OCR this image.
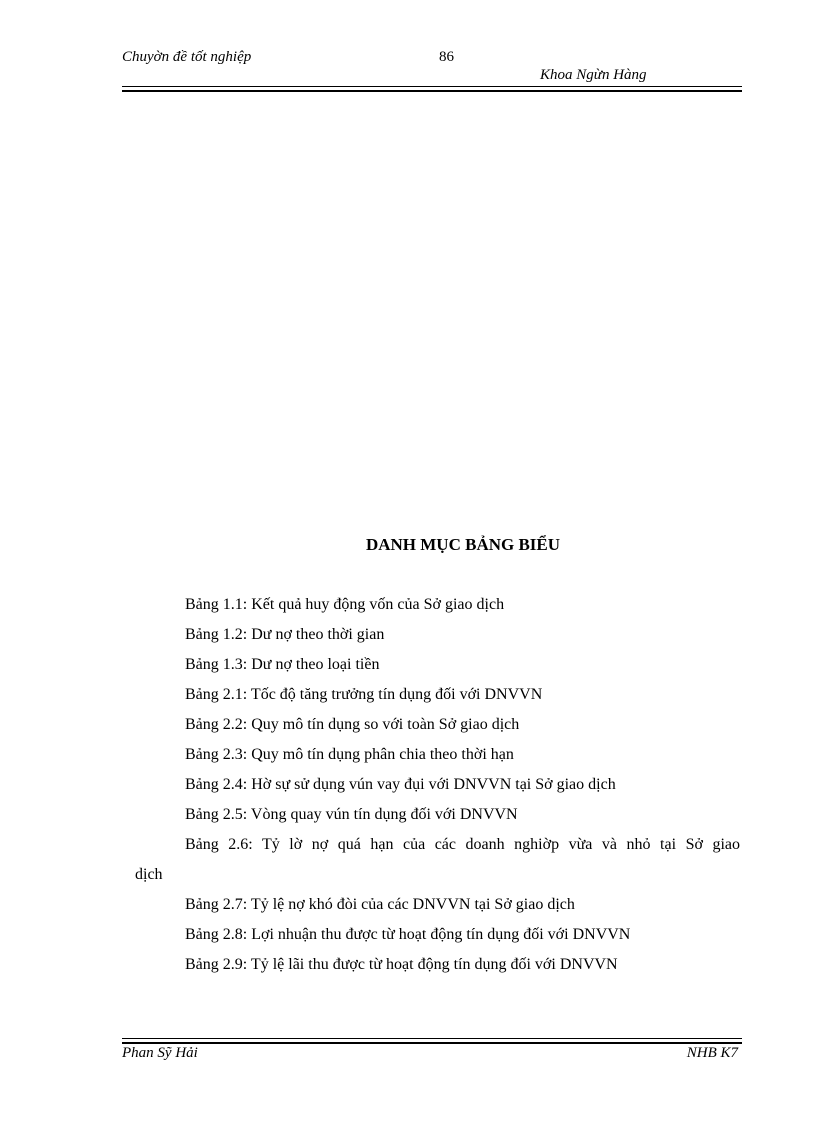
Chuyờn đề tốt nghiệp	86
Khoa Ngừn Hàng
DANH MỤC BẢNG BIỂU
Bảng 1.1: Kết quả huy động vốn của Sở giao dịch
Bảng 1.2: Dư nợ theo thời gian
Bảng 1.3: Dư nợ theo loại tiền
Bảng 2.1: Tốc độ tăng trưởng tín dụng đối với DNVVN
Bảng 2.2: Quy mô tín dụng so với toàn Sở giao dịch
Bảng 2.3: Quy mô tín dụng phân chia theo thời hạn
Bảng 2.4: Hờ sự sử dụng vún vay đụi với DNVVN tại Sở giao dịch
Bảng 2.5: Vòng quay vún tín dụng đối với DNVVN
Bảng 2.6: Tỷ lờ nợ quá hạn của các doanh nghiờp vừa và nhỏ tại Sở giao
dịch
Bảng 2.7: Tỷ lệ nợ khó đòi của các DNVVN tại Sở giao dịch
Bảng 2.8: Lợi nhuận thu được từ hoạt động tín dụng đối với DNVVN
Bảng 2.9: Tỷ lệ lãi thu được từ hoạt động tín dụng đối với DNVVN
Phan Sỹ Hải	NHB K7
